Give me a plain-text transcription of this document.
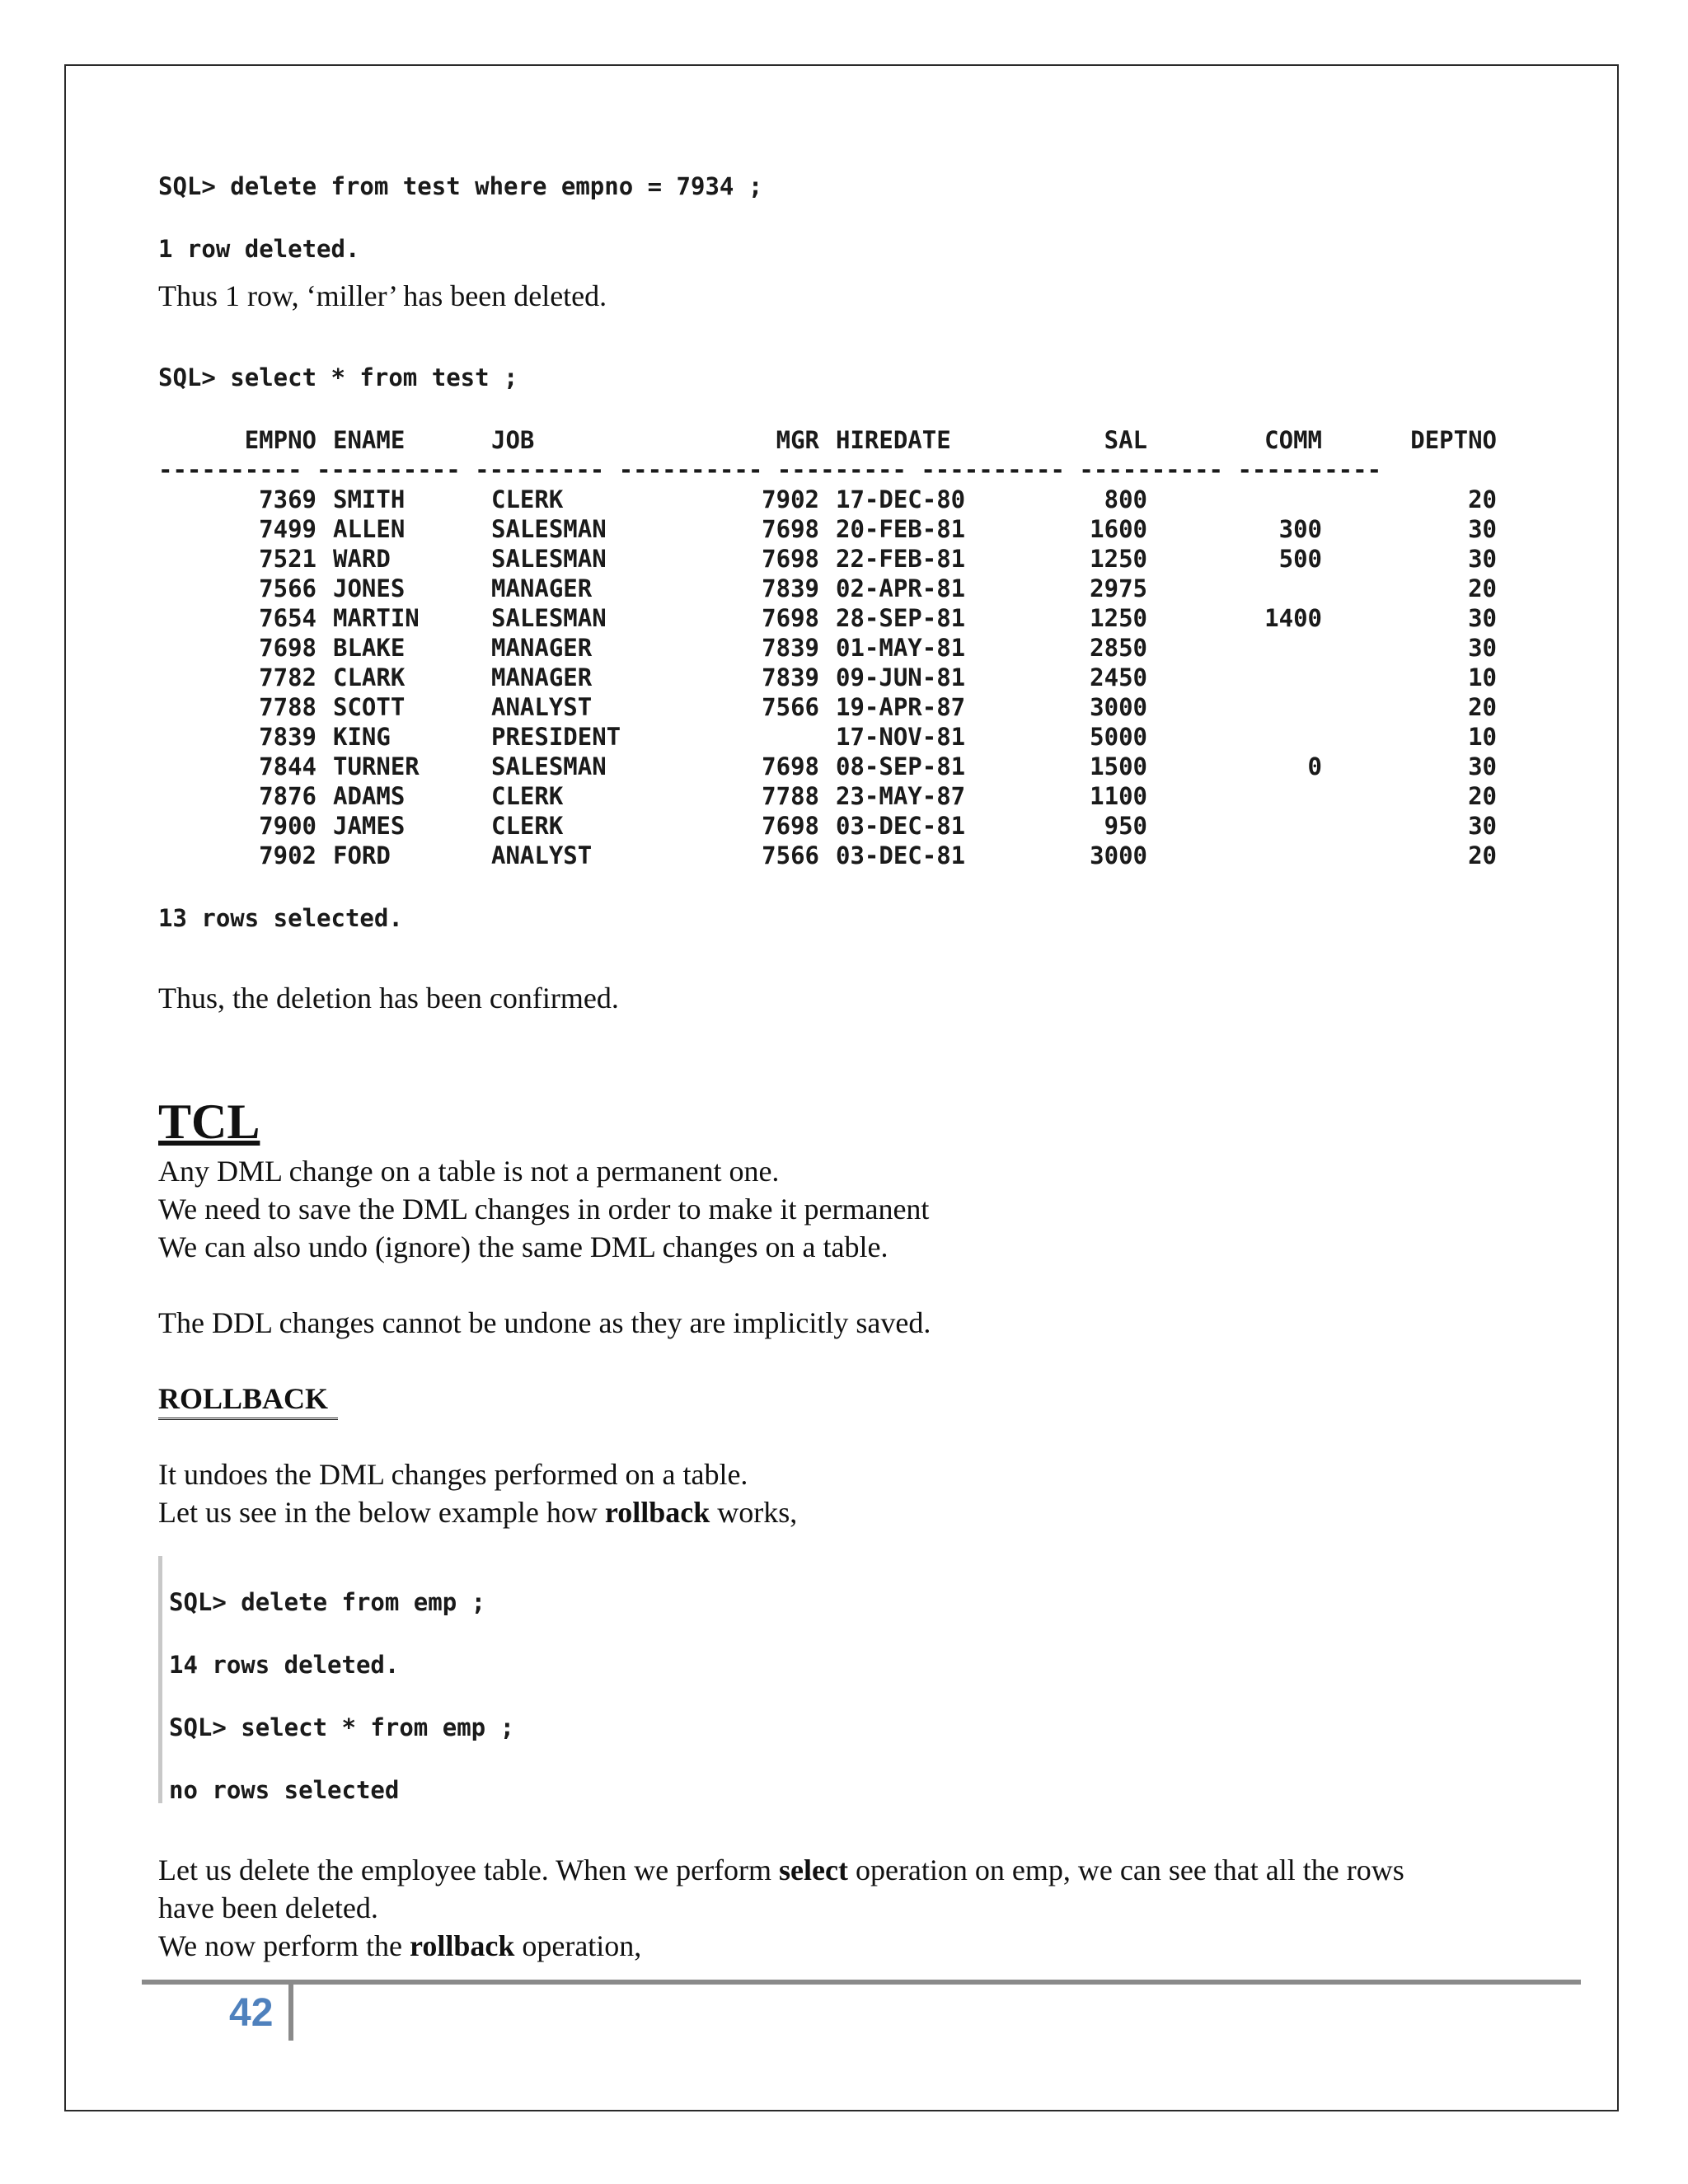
SQL> delete from test where empno = 7934 ;

1 row deleted.

Thus 1 row, ‘miller’ has been deleted.

SQL> select * from test ;

EMPNO	ENAME	JOB	MGR	HIREDATE	SAL	COMM	DEPTNO
---------- ---------- --------- ---------- --------- ---------- ---------- ----------							
7369	SMITH	CLERK	7902	17-DEC-80	800		20
7499	ALLEN	SALESMAN	7698	20-FEB-81	1600	300	30
7521	WARD	SALESMAN	7698	22-FEB-81	1250	500	30
7566	JONES	MANAGER	7839	02-APR-81	2975		20
7654	MARTIN	SALESMAN	7698	28-SEP-81	1250	1400	30
7698	BLAKE	MANAGER	7839	01-MAY-81	2850		30
7782	CLARK	MANAGER	7839	09-JUN-81	2450		10
7788	SCOTT	ANALYST	7566	19-APR-87	3000		20
7839	KING	PRESIDENT		17-NOV-81	5000		10
7844	TURNER	SALESMAN	7698	08-SEP-81	1500	0	30
7876	ADAMS	CLERK	7788	23-MAY-87	1100		20
7900	JAMES	CLERK	7698	03-DEC-81	950		30
7902	FORD	ANALYST	7566	03-DEC-81	3000		20

13 rows selected.

Thus, the deletion has been confirmed.

TCL

Any DML change on a table is not a permanent one.

We need to save the DML changes in order to make it permanent

We can also undo (ignore) the same DML changes on a table.

The DDL changes cannot be undone as they are implicitly saved.

ROLLBACK

It undoes the DML changes performed on a table.

Let us see in the below example how rollback works,

SQL> delete from emp ;

14 rows deleted.

SQL> select * from emp ;

no rows selected

Let us delete the employee table. When we perform select operation on emp, we can see that all the rows

have been deleted.

We now perform the rollback operation,

42
